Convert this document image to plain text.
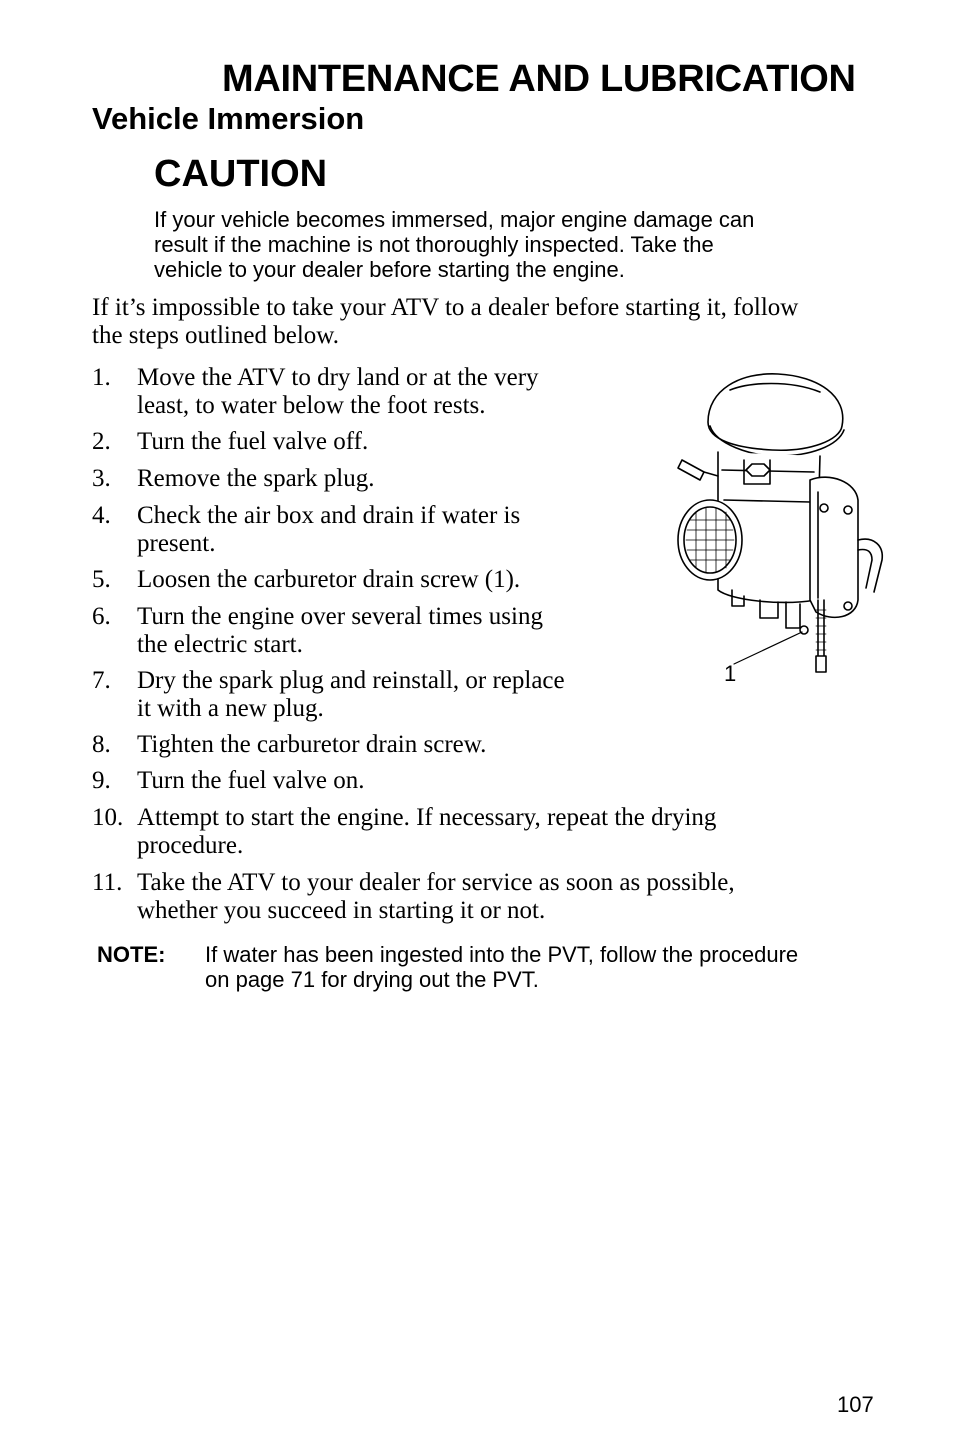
MAINTENANCE AND LUBRICATION
Vehicle Immersion
CAUTION
If your vehicle becomes immersed, major engine damage can
result if the machine is not thoroughly inspected. Take the
vehicle to your dealer before starting the engine.
If it’s impossible to take your ATV to a dealer before starting it, follow
the steps outlined below.
1. Move the ATV to dry land or at the very
least, to water below the foot rests.
2. Turn the fuel valve off.
3. Remove the spark plug.
4. Check the air box and drain if water is
present.
5. Loosen the carburetor drain screw (1).
6. Turn the engine over several times using
the electric start.
7. Dry the spark plug and reinstall, or replace
it with a new plug.
8. Tighten the carburetor drain screw.
9. Turn the fuel valve on.
10. Attempt to start the engine. If necessary, repeat the drying
procedure.
11. Take the ATV to your dealer for service as soon as possible,
whether you succeed in starting it or not.
1
NOTE: If water has been ingested into the PVT, follow the procedure
on page 71 for drying out the PVT.
107
